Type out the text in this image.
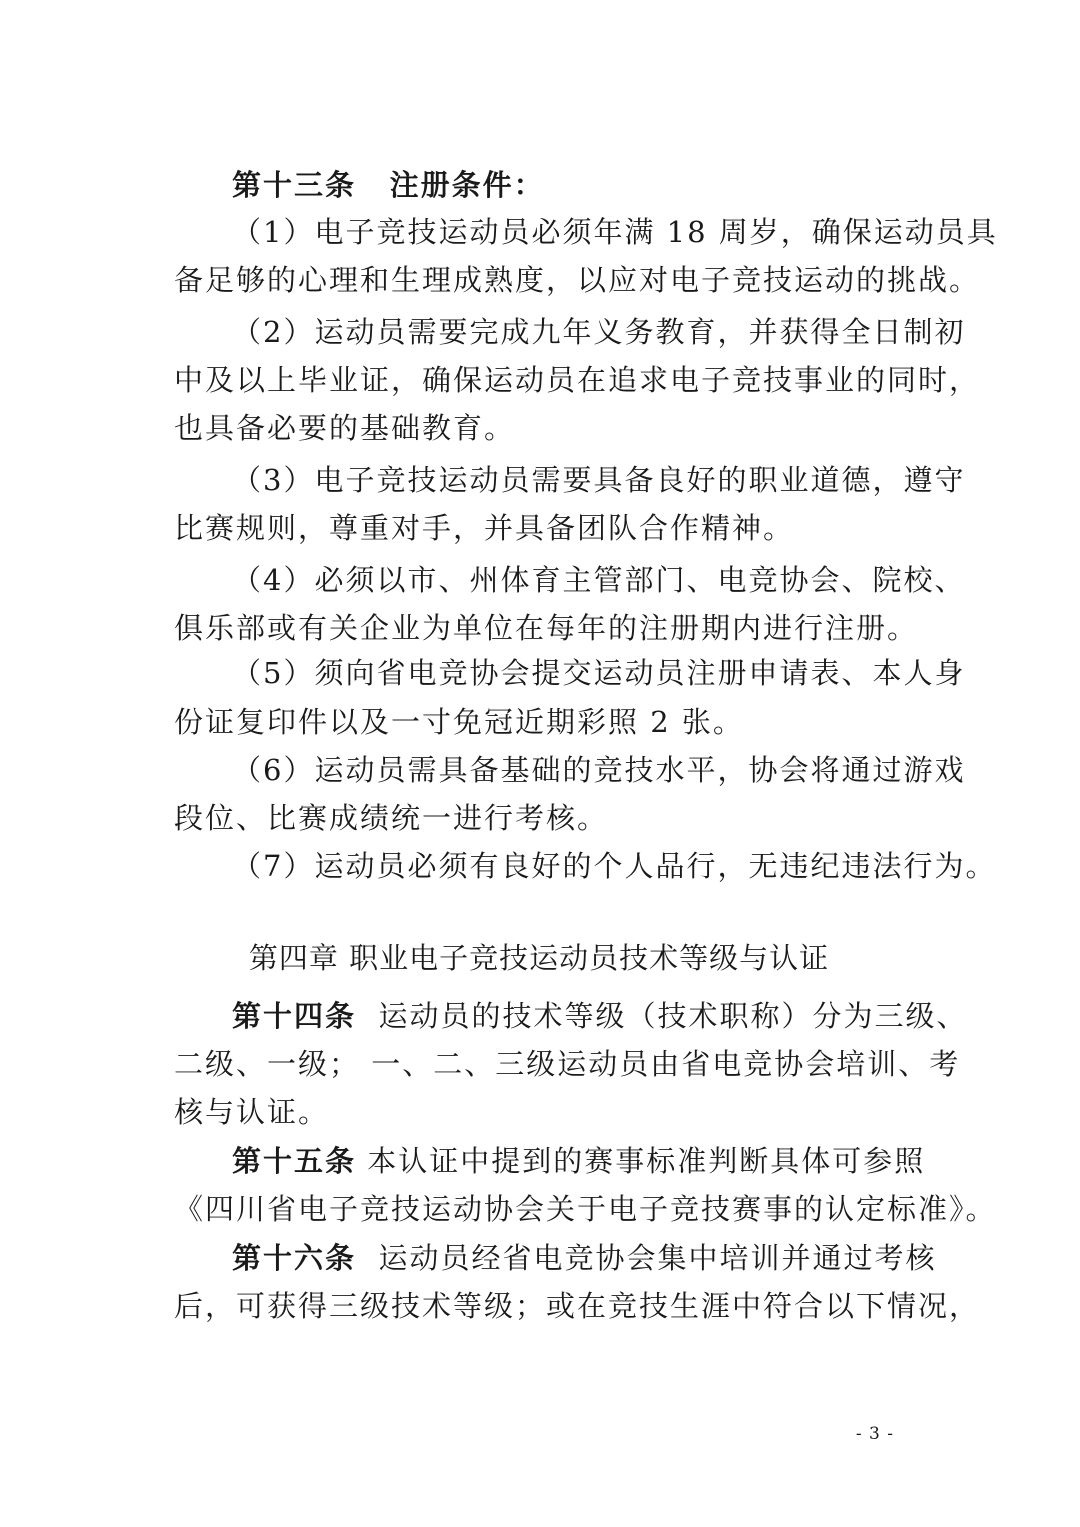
第十三条 注册条件：
（1）电子竞技运动员必须年满 18 周岁，确保运动员具
备足够的心理和生理成熟度，以应对电子竞技运动的挑战。
（2）运动员需要完成九年义务教育，并获得全日制初
中及以上毕业证，确保运动员在追求电子竞技事业的同时，
也具备必要的基础教育。
（3）电子竞技运动员需要具备良好的职业道德，遵守
比赛规则，尊重对手，并具备团队合作精神。
（4）必须以市、州体育主管部门、电竞协会、院校、
俱乐部或有关企业为单位在每年的注册期内进行注册。
（5）须向省电竞协会提交运动员注册申请表、本人身
份证复印件以及一寸免冠近期彩照 2 张。
（6）运动员需具备基础的竞技水平，协会将通过游戏
段位、比赛成绩统一进行考核。
（7）运动员必须有良好的个人品行，无违纪违法行为。
第四章 职业电子竞技运动员技术等级与认证
第十四条 运动员的技术等级（技术职称）分为三级、
二级、一级； 一、二、三级运动员由省电竞协会培训、考
核与认证。
第十五条 本认证中提到的赛事标准判断具体可参照
《四川省电子竞技运动协会关于电子竞技赛事的认定标准》。
第十六条 运动员经省电竞协会集中培训并通过考核
后，可获得三级技术等级；或在竞技生涯中符合以下情况，
- 3 -
